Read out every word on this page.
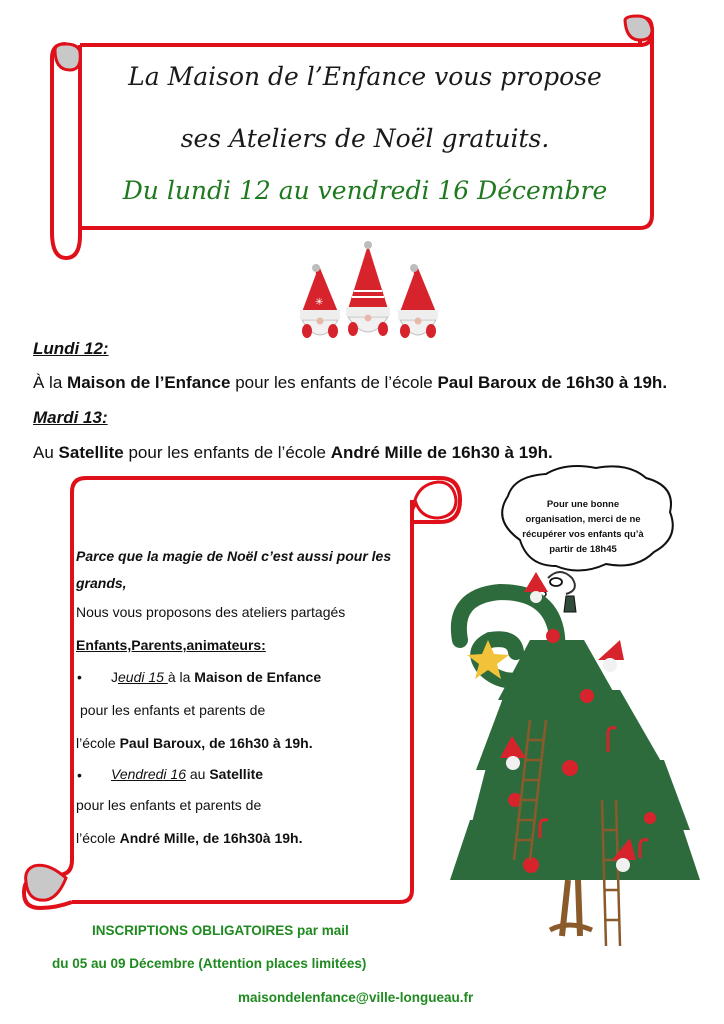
✳
La Maison de l’Enfance vous propose
ses Ateliers de Noël gratuits.
Du lundi 12 au vendredi 16 Décembre
Lundi 12:
À la Maison de l’Enfance pour les enfants de l’école Paul Baroux de 16h30 à 19h.
Mardi 13:
Au Satellite pour les enfants de l’école André Mille de 16h30 à 19h.
Pour une bonne organisation, merci de ne récupérer vos enfants qu’à partir de 18h45
Parce que la magie de Noël c’est aussi pour les
grands,
Nous vous proposons des ateliers partagés
Enfants,Parents,animateurs:
• Jeudi 15 à la Maison de Enfance
pour les enfants et parents de
l’école Paul Baroux, de 16h30 à 19h.
• Vendredi 16 au Satellite
pour les enfants et parents de
l’école André Mille, de 16h30à 19h.
INSCRIPTIONS OBLIGATOIRES par mail
du 05 au 09 Décembre (Attention places limitées)
maisondelenfance@ville-longueau.fr
